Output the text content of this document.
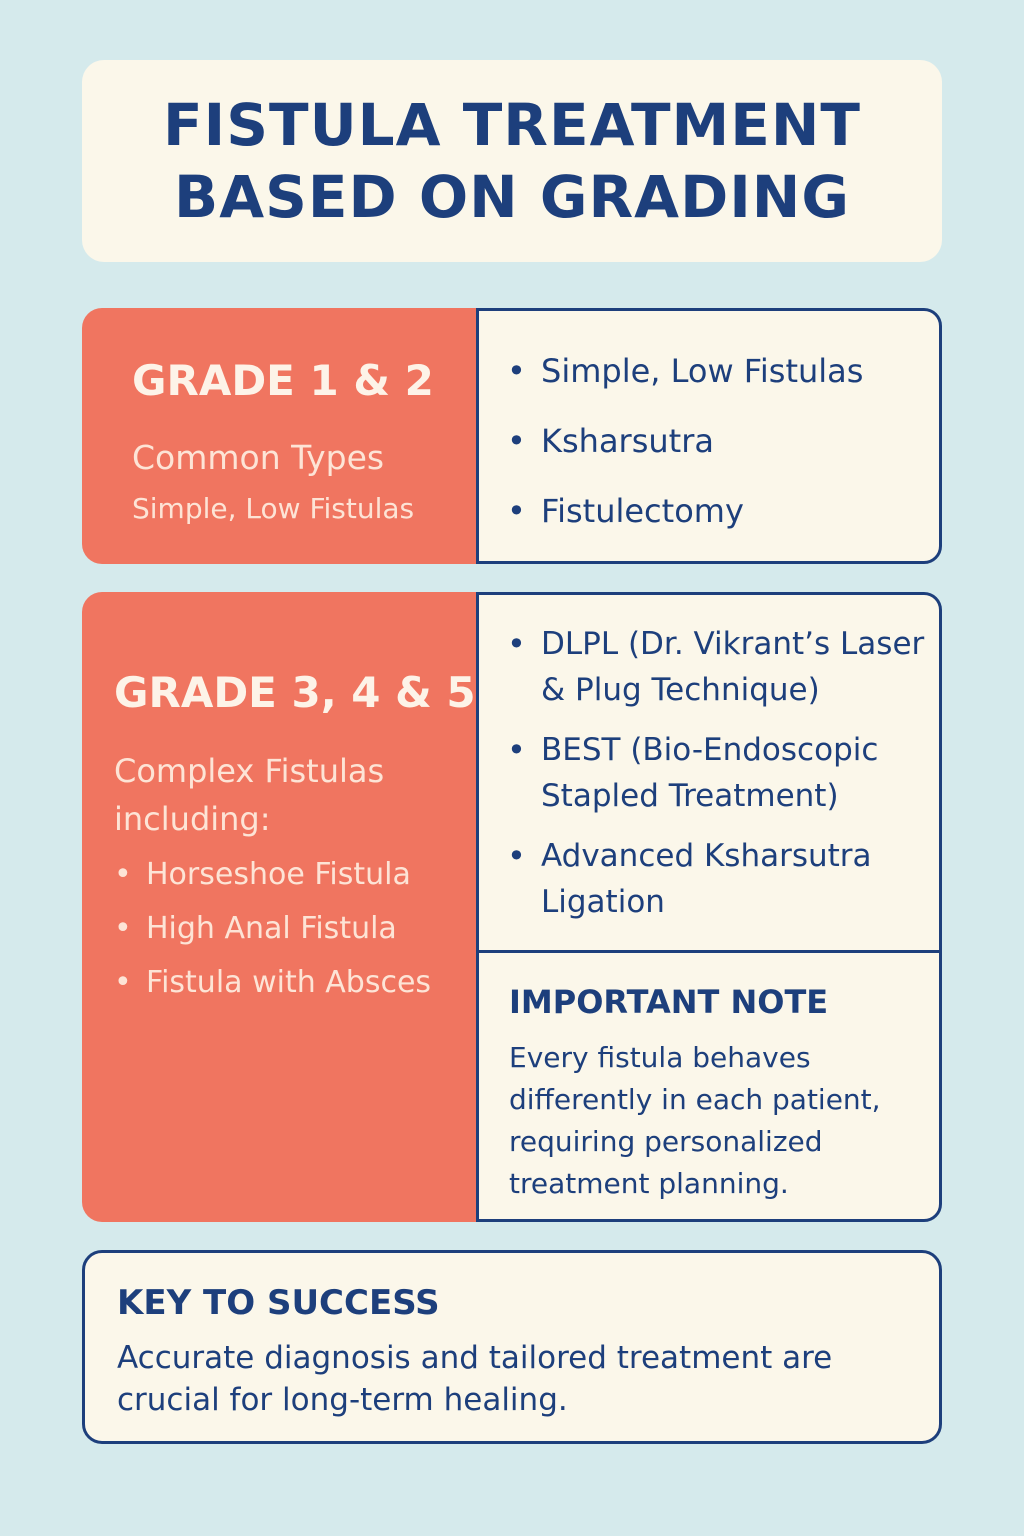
FISTULA TREATMENT
BASED ON GRADING
GRADE 1 & 2
Common Types
Simple, Low Fistulas
• Simple, Low Fistulas
• Ksharsutra
• Fistulectomy
GRADE 3, 4 & 5
Complex Fistulas including:
• Horseshoe Fistula
• High Anal Fistula
• Fistula with Absces
• DLPL (Dr. Vikrant’s Laser & Plug Technique)
• BEST (Bio-Endoscopic Stapled Treatment)
• Advanced Ksharsutra Ligation
IMPORTANT NOTE
Every fistula behaves differently in each patient, requiring personalized treatment planning.
KEY TO SUCCESS
Accurate diagnosis and tailored treatment are crucial for long-term healing.
